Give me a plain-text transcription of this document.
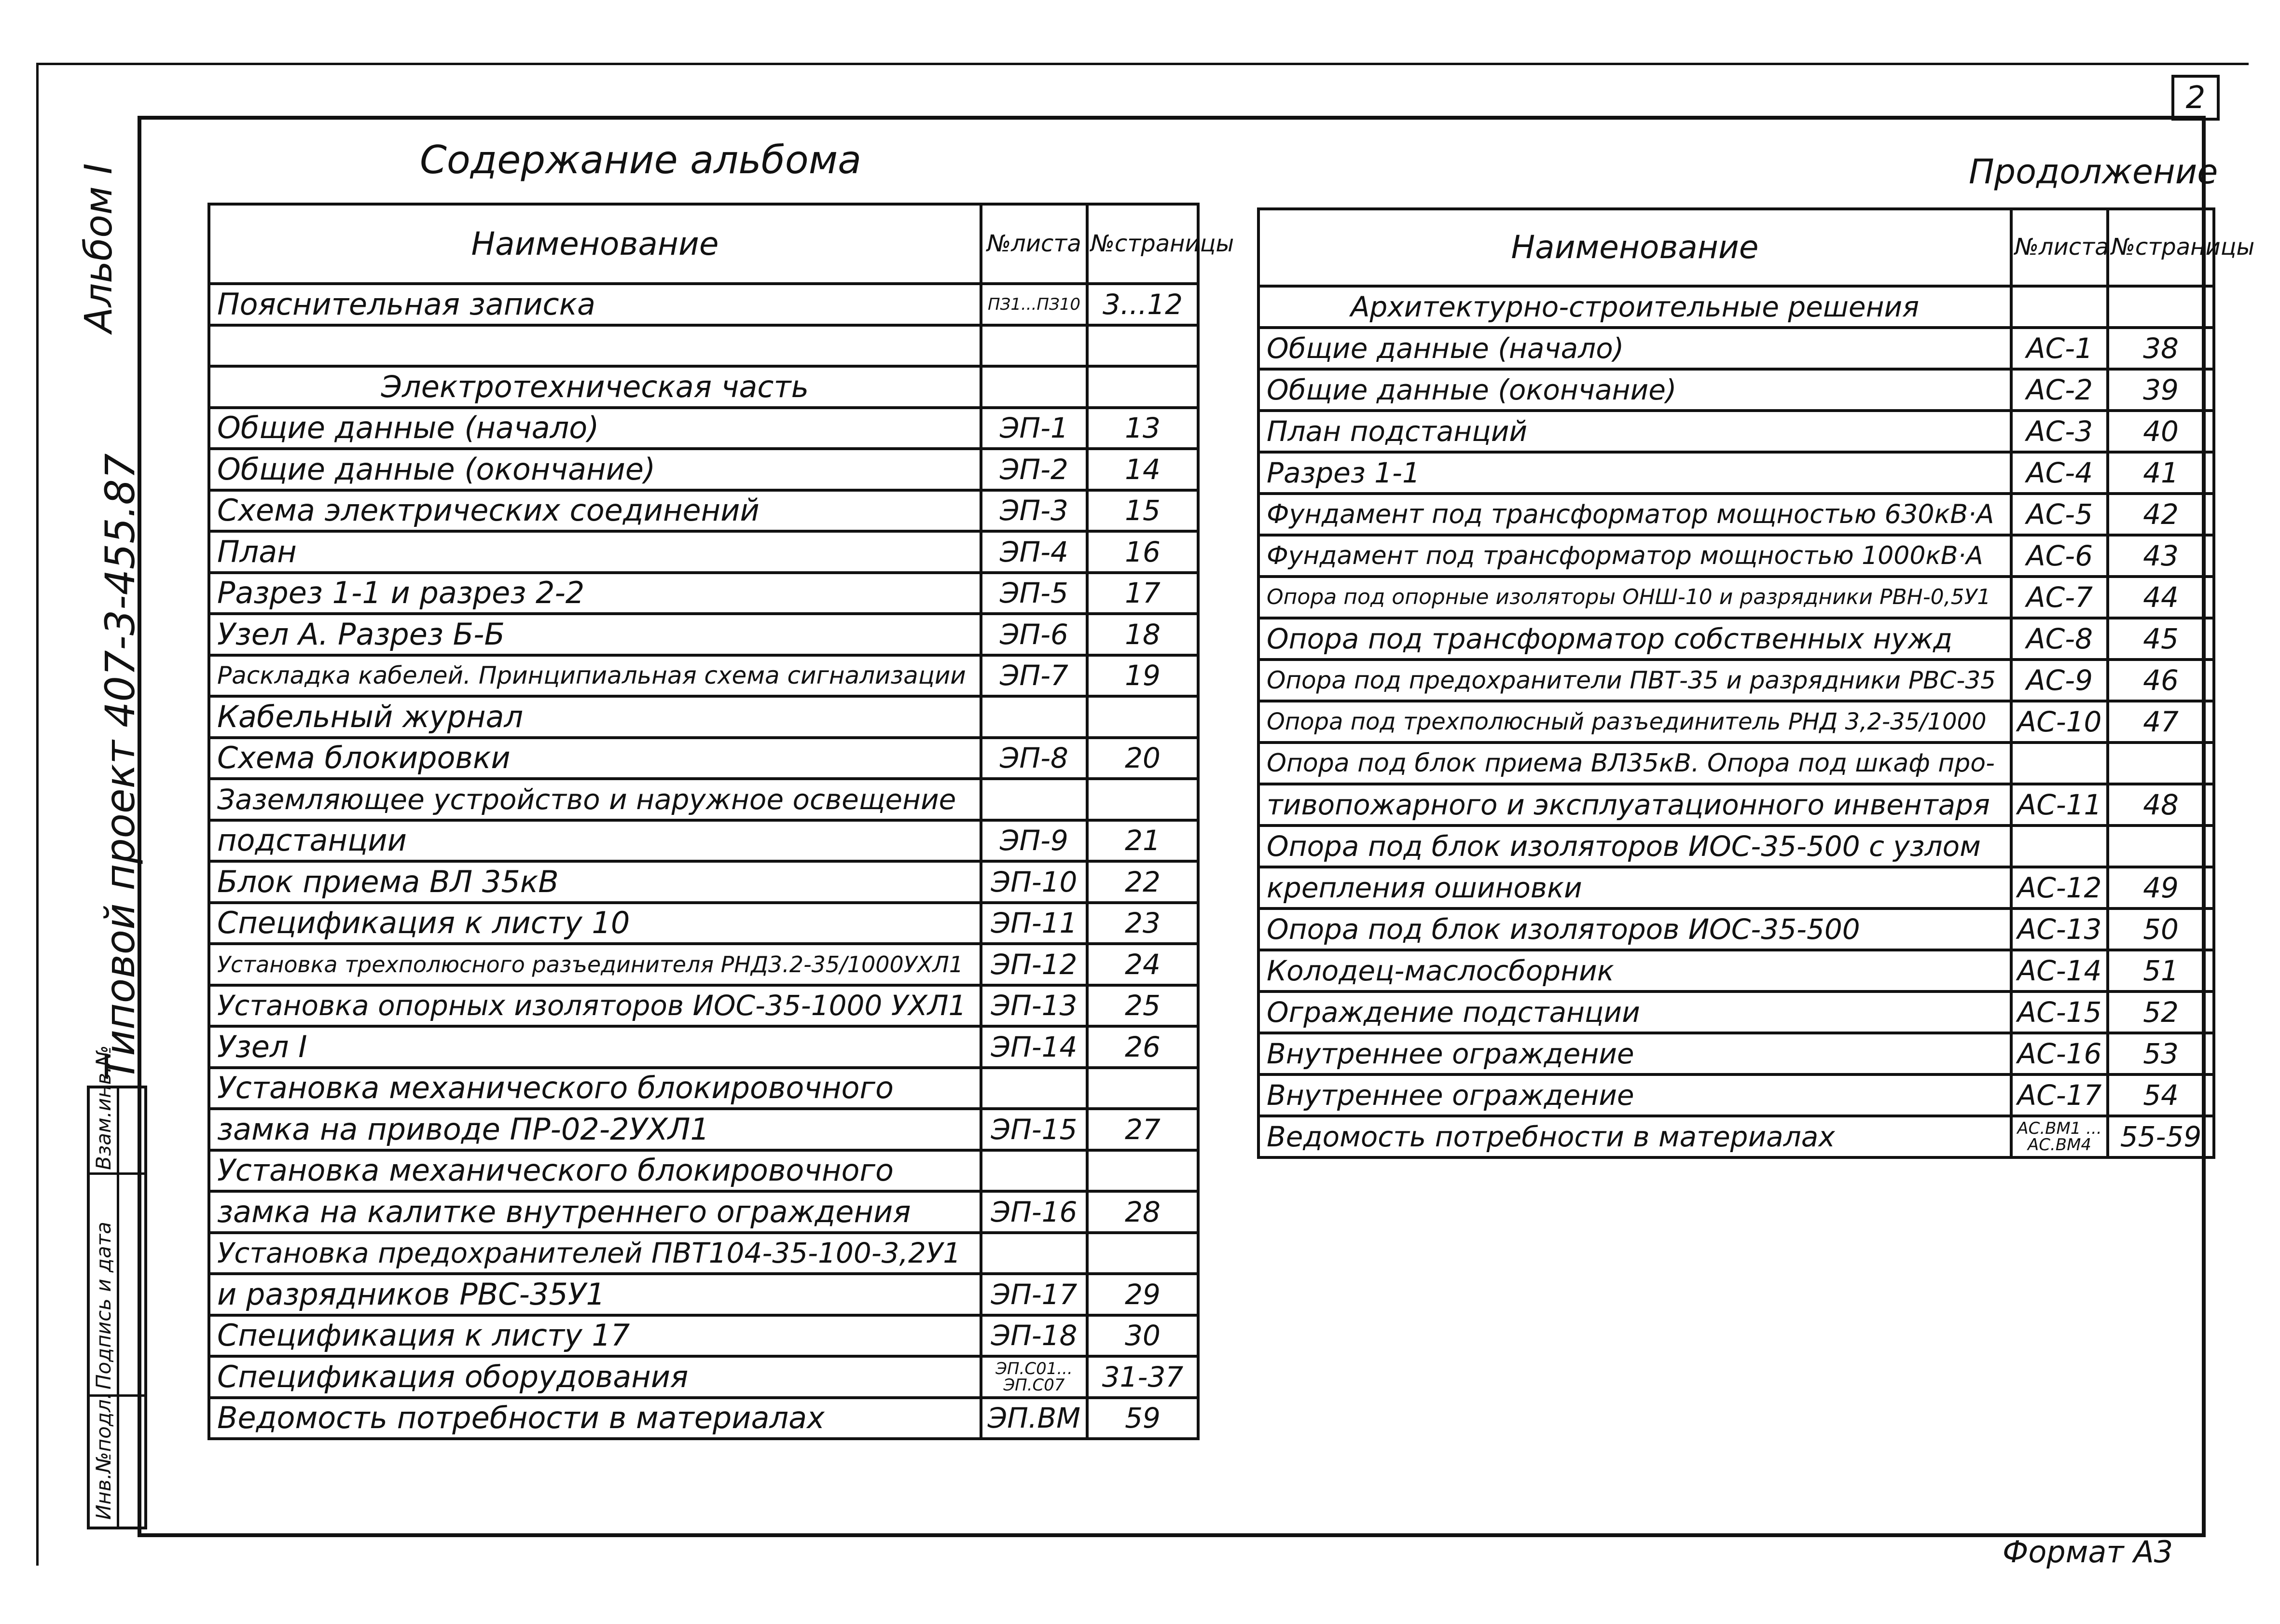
2
Альбом I
Типовой проект 407-3-455.87
Инв.№подл.
Подпись и дата
Взам.инв.№
Содержание альбома	Продолжение
Наименование	№листа	№страницы
Пояснительная записка	ПЗ1...ПЗ10	3...12

Электротехническая часть		
Общие данные (начало)	ЭП-1	13
Общие данные (окончание)	ЭП-2	14
Схема электрических соединений	ЭП-3	15
План	ЭП-4	16
Разрез 1-1 и разрез 2-2	ЭП-5	17
Узел А. Разрез Б-Б	ЭП-6	18
Раскладка кабелей. Принципиальная схема сигнализации	ЭП-7	19
Кабельный журнал		
Схема блокировки	ЭП-8	20
Заземляющее устройство и наружное освещение		
подстанции	ЭП-9	21
Блок приема ВЛ 35кВ	ЭП-10	22
Спецификация к листу 10	ЭП-11	23
Установка трехполюсного разъединителя РНД3.2-35/1000УХЛ1	ЭП-12	24
Установка опорных изоляторов ИОС-35-1000 УХЛ1	ЭП-13	25
Узел I	ЭП-14	26
Установка механического блокировочного		
замка на приводе ПР-02-2УХЛ1	ЭП-15	27
Установка механического блокировочного		
замка на калитке внутреннего ограждения	ЭП-16	28
Установка предохранителей ПВТ104-35-100-3,2У1		
и разрядников РВС-35У1	ЭП-17	29
Спецификация к листу 17	ЭП-18	30
Спецификация оборудования	ЭП.С01... ЭП.С07	31-37
Ведомость потребности в материалах	ЭП.ВМ	59
Наименование	№листа	№страницы
Архитектурно-строительные решения		
Общие данные (начало)	АС-1	38
Общие данные (окончание)	АС-2	39
План подстанций	АС-3	40
Разрез 1-1	АС-4	41
Фундамент под трансформатор мощностью 630кВ·А	АС-5	42
Фундамент под трансформатор мощностью 1000кВ·А	АС-6	43
Опора под опорные изоляторы ОНШ-10 и разрядники РВН-0,5У1	АС-7	44
Опора под трансформатор собственных нужд	АС-8	45
Опора под предохранители ПВТ-35 и разрядники РВС-35	АС-9	46
Опора под трехполюсный разъединитель РНД 3,2-35/1000	АС-10	47
Опора под блок приема ВЛ35кВ. Опора под шкаф про-		
тивопожарного и эксплуатационного инвентаря	АС-11	48
Опора под блок изоляторов ИОС-35-500 с узлом		
крепления ошиновки	АС-12	49
Опора под блок изоляторов ИОС-35-500	АС-13	50
Колодец-маслосборник	АС-14	51
Ограждение подстанции	АС-15	52
Внутреннее ограждение	АС-16	53
Внутреннее ограждение	АС-17	54
Ведомость потребности в материалах	АС.ВМ1 ... АС.ВМ4	55-59
Формат А3
